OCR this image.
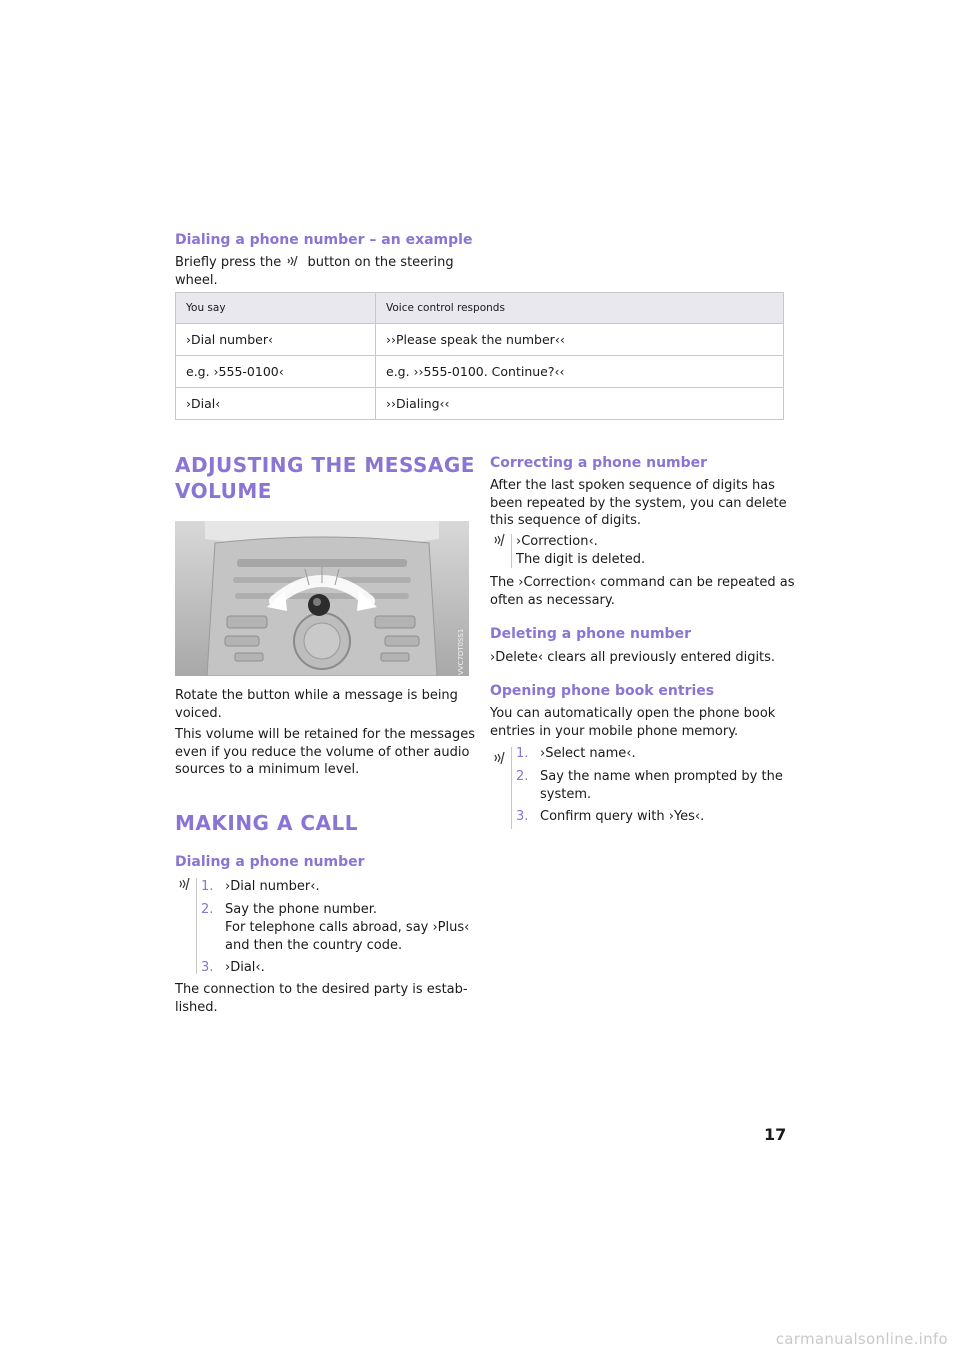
Dialing a phone number – an example
Briefly press the button on the steering
wheel.
You say	Voice control responds
›Dial number‹	››Please speak the number‹‹
e.g. ›555-0100‹	e.g. ››555-0100. Continue?‹‹
›Dial‹	››Dialing‹‹
ADJUSTING THE MESSAGE
VOLUME
VVC7DT0SS1
Rotate the button while a message is being
voiced.
This volume will be retained for the messages
even if you reduce the volume of other audio
sources to a minimum level.
MAKING A CALL
Dialing a phone number
1. ›Dial number‹.
2. Say the phone number.
For telephone calls abroad, say ›Plus‹
and then the country code.
3. ›Dial‹.
The connection to the desired party is estab-
lished.
Correcting a phone number
After the last spoken sequence of digits has
been repeated by the system, you can delete
this sequence of digits.
›Correction‹.
The digit is deleted.
The ›Correction‹ command can be repeated as
often as necessary.
Deleting a phone number
›Delete‹ clears all previously entered digits.
Opening phone book entries
You can automatically open the phone book
entries in your mobile phone memory.
1. ›Select name‹.
2. Say the name when prompted by the
system.
3. Confirm query with ›Yes‹.
17
carmanualsonline.info
